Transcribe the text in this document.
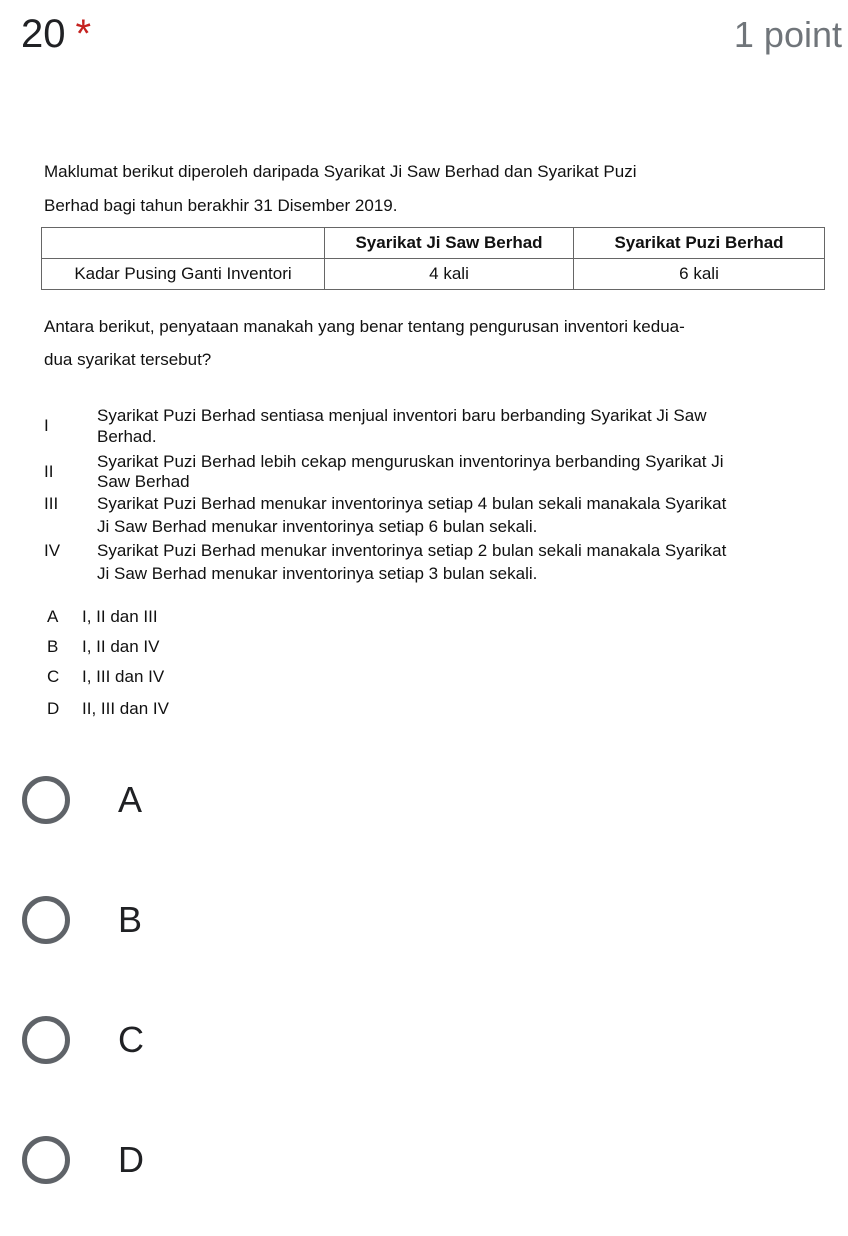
20 *	1 point
Maklumat berikut diperoleh daripada Syarikat Ji Saw Berhad dan Syarikat Puzi
Berhad bagi tahun berakhir 31 Disember 2019.
	Syarikat Ji Saw Berhad	Syarikat Puzi Berhad
Kadar Pusing Ganti Inventori	4 kali	6 kali
Antara berikut, penyataan manakah yang benar tentang pengurusan inventori kedua-
dua syarikat tersebut?
I
Syarikat Puzi Berhad sentiasa menjual inventori baru berbanding Syarikat Ji Saw
Berhad.
II
Syarikat Puzi Berhad lebih cekap menguruskan inventorinya berbanding Syarikat Ji
Saw Berhad
III	Syarikat Puzi Berhad menukar inventorinya setiap 4 bulan sekali manakala Syarikat
Ji Saw Berhad menukar inventorinya setiap 6 bulan sekali.
IV	Syarikat Puzi Berhad menukar inventorinya setiap 2 bulan sekali manakala Syarikat
Ji Saw Berhad menukar inventorinya setiap 3 bulan sekali.
A I, II dan III
B I, II dan IV
C I, III dan IV
D II, III dan IV
A
B
C
D
